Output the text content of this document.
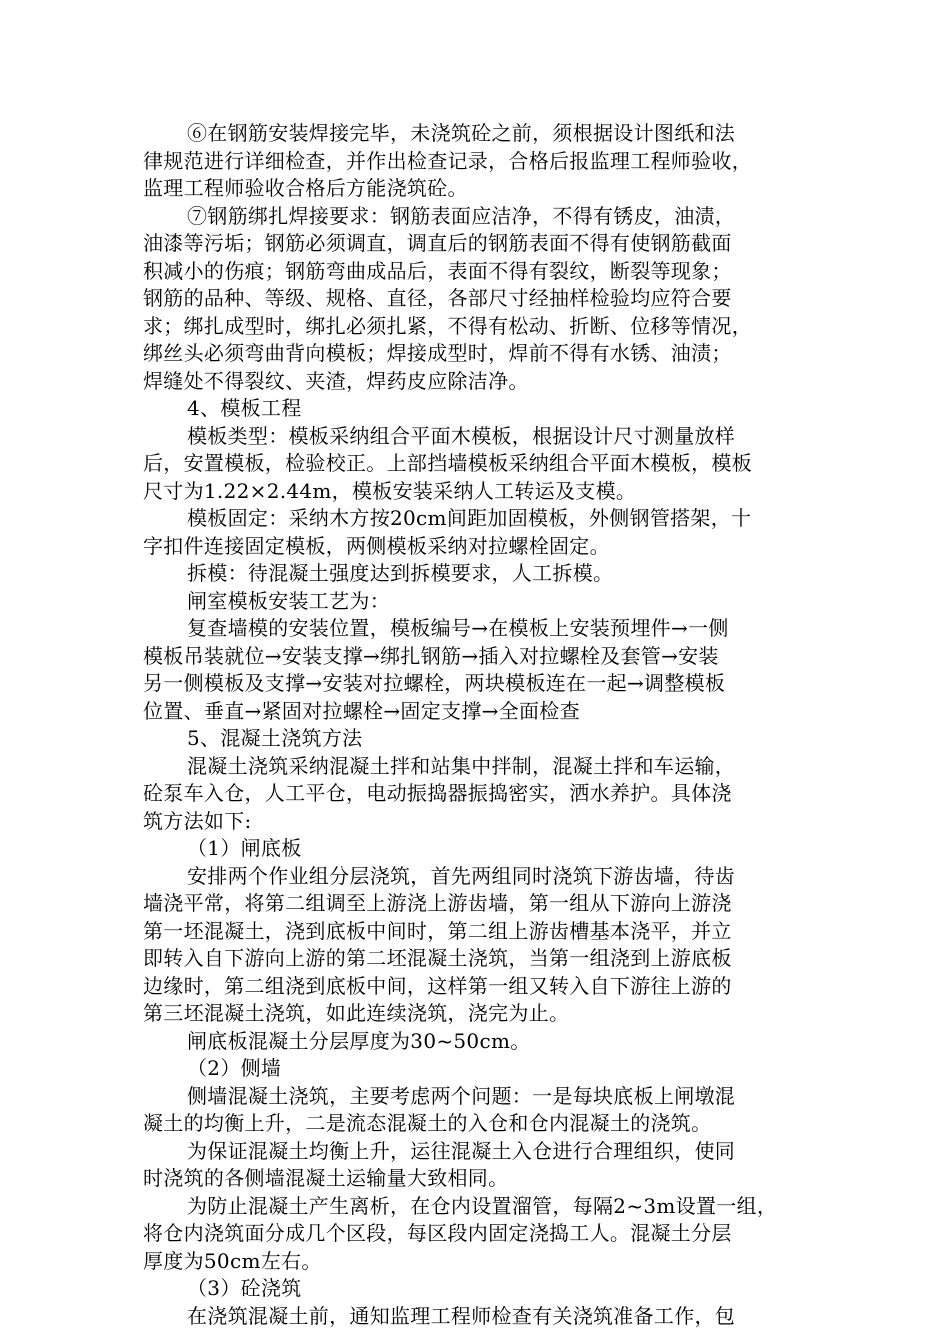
⑥在钢筋安装焊接完毕，未浇筑砼之前，须根据设计图纸和法
律规范进行详细检查，并作出检查记录，合格后报监理工程师验收，
监理工程师验收合格后方能浇筑砼。
⑦钢筋绑扎焊接要求：钢筋表面应洁净，不得有锈皮，油渍，
油漆等污垢；钢筋必须调直，调直后的钢筋表面不得有使钢筋截面
积减小的伤痕；钢筋弯曲成品后，表面不得有裂纹，断裂等现象；
钢筋的品种、等级、规格、直径，各部尺寸经抽样检验均应符合要
求；绑扎成型时，绑扎必须扎紧，不得有松动、折断、位移等情况，
绑丝头必须弯曲背向模板；焊接成型时，焊前不得有水锈、油渍；
焊缝处不得裂纹、夹渣，焊药皮应除洁净。
4、模板工程
模板类型：模板采纳组合平面木模板，根据设计尺寸测量放样
后，安置模板，检验校正。上部挡墙模板采纳组合平面木模板，模板
尺寸为1.22×2.44m，模板安装采纳人工转运及支模。
模板固定：采纳木方按20cm间距加固模板，外侧钢管搭架，十
字扣件连接固定模板，两侧模板采纳对拉螺栓固定。
拆模：待混凝土强度达到拆模要求，人工拆模。
闸室模板安装工艺为：
复查墙模的安装位置，模板编号→在模板上安装预埋件→一侧
模板吊装就位→安装支撑→绑扎钢筋→插入对拉螺栓及套管→安装
另一侧模板及支撑→安装对拉螺栓，两块模板连在一起→调整模板
位置、垂直→紧固对拉螺栓→固定支撑→全面检查
5、混凝土浇筑方法
混凝土浇筑采纳混凝土拌和站集中拌制，混凝土拌和车运输，
砼泵车入仓，人工平仓，电动振捣器振捣密实，洒水养护。具体浇
筑方法如下:
（1）闸底板
安排两个作业组分层浇筑，首先两组同时浇筑下游齿墙，待齿
墙浇平常，将第二组调至上游浇上游齿墙，第一组从下游向上游浇
第一坯混凝土，浇到底板中间时，第二组上游齿槽基本浇平，并立
即转入自下游向上游的第二坯混凝土浇筑，当第一组浇到上游底板
边缘时，第二组浇到底板中间，这样第一组又转入自下游往上游的
第三坯混凝土浇筑，如此连续浇筑，浇完为止。
闸底板混凝土分层厚度为30~50cm。
（2）侧墙
侧墙混凝土浇筑，主要考虑两个问题：一是每块底板上闸墩混
凝土的均衡上升，二是流态混凝土的入仓和仓内混凝土的浇筑。
为保证混凝土均衡上升，运往混凝土入仓进行合理组织，使同
时浇筑的各侧墙混凝土运输量大致相同。
为防止混凝土产生离析，在仓内设置溜管，每隔2~3m设置一组，
将仓内浇筑面分成几个区段，每区段内固定浇捣工人。混凝土分层
厚度为50cm左右。
（3）砼浇筑
在浇筑混凝土前，通知监理工程师检查有关浇筑准备工作，包
